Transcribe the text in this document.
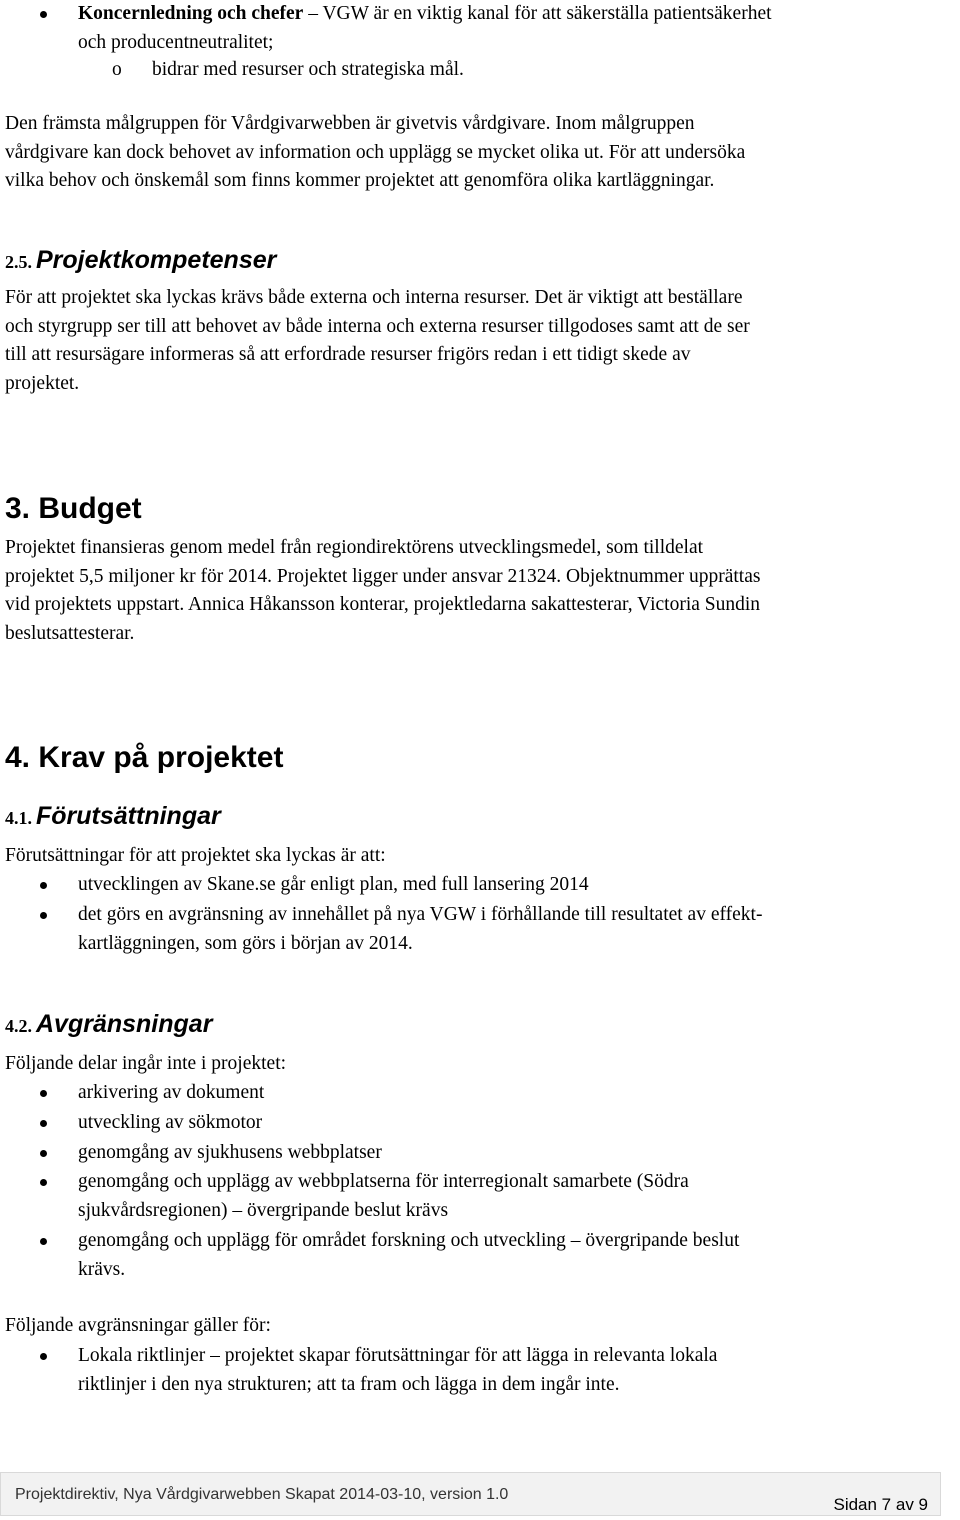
Koncernledning och chefer – VGW är en viktig kanal för att säkerställa patientsäkerhet
och producentneutralitet;
o bidrar med resurser och strategiska mål.
Den främsta målgruppen för Vårdgivarwebben är givetvis vårdgivare. Inom målgruppen
vårdgivare kan dock behovet av information och upplägg se mycket olika ut. För att undersöka
vilka behov och önskemål som finns kommer projektet att genomföra olika kartläggningar.
2.5. Projektkompetenser
För att projektet ska lyckas krävs både externa och interna resurser. Det är viktigt att beställare
och styrgrupp ser till att behovet av både interna och externa resurser tillgodoses samt att de ser
till att resursägare informeras så att erfordrade resurser frigörs redan i ett tidigt skede av
projektet.
3. Budget
Projektet finansieras genom medel från regiondirektörens utvecklingsmedel, som tilldelat
projektet 5,5 miljoner kr för 2014. Projektet ligger under ansvar 21324. Objektnummer upprättas
vid projektets uppstart. Annica Håkansson konterar, projektledarna sakattesterar, Victoria Sundin
beslutsattesterar.
4. Krav på projektet
4.1. Förutsättningar
Förutsättningar för att projektet ska lyckas är att:
utvecklingen av Skane.se går enligt plan, med full lansering 2014
det görs en avgränsning av innehållet på nya VGW i förhållande till resultatet av effekt-
kartläggningen, som görs i början av 2014.
4.2. Avgränsningar
Följande delar ingår inte i projektet:
arkivering av dokument
utveckling av sökmotor
genomgång av sjukhusens webbplatser
genomgång och upplägg av webbplatserna för interregionalt samarbete (Södra
sjukvårdsregionen) – övergripande beslut krävs
genomgång och upplägg för området forskning och utveckling – övergripande beslut
krävs.
Följande avgränsningar gäller för:
Lokala riktlinjer – projektet skapar förutsättningar för att lägga in relevanta lokala
riktlinjer i den nya strukturen; att ta fram och lägga in dem ingår inte.
Projektdirektiv, Nya Vårdgivarwebben Skapat 2014-03-10, version 1.0
Sidan 7 av 9
